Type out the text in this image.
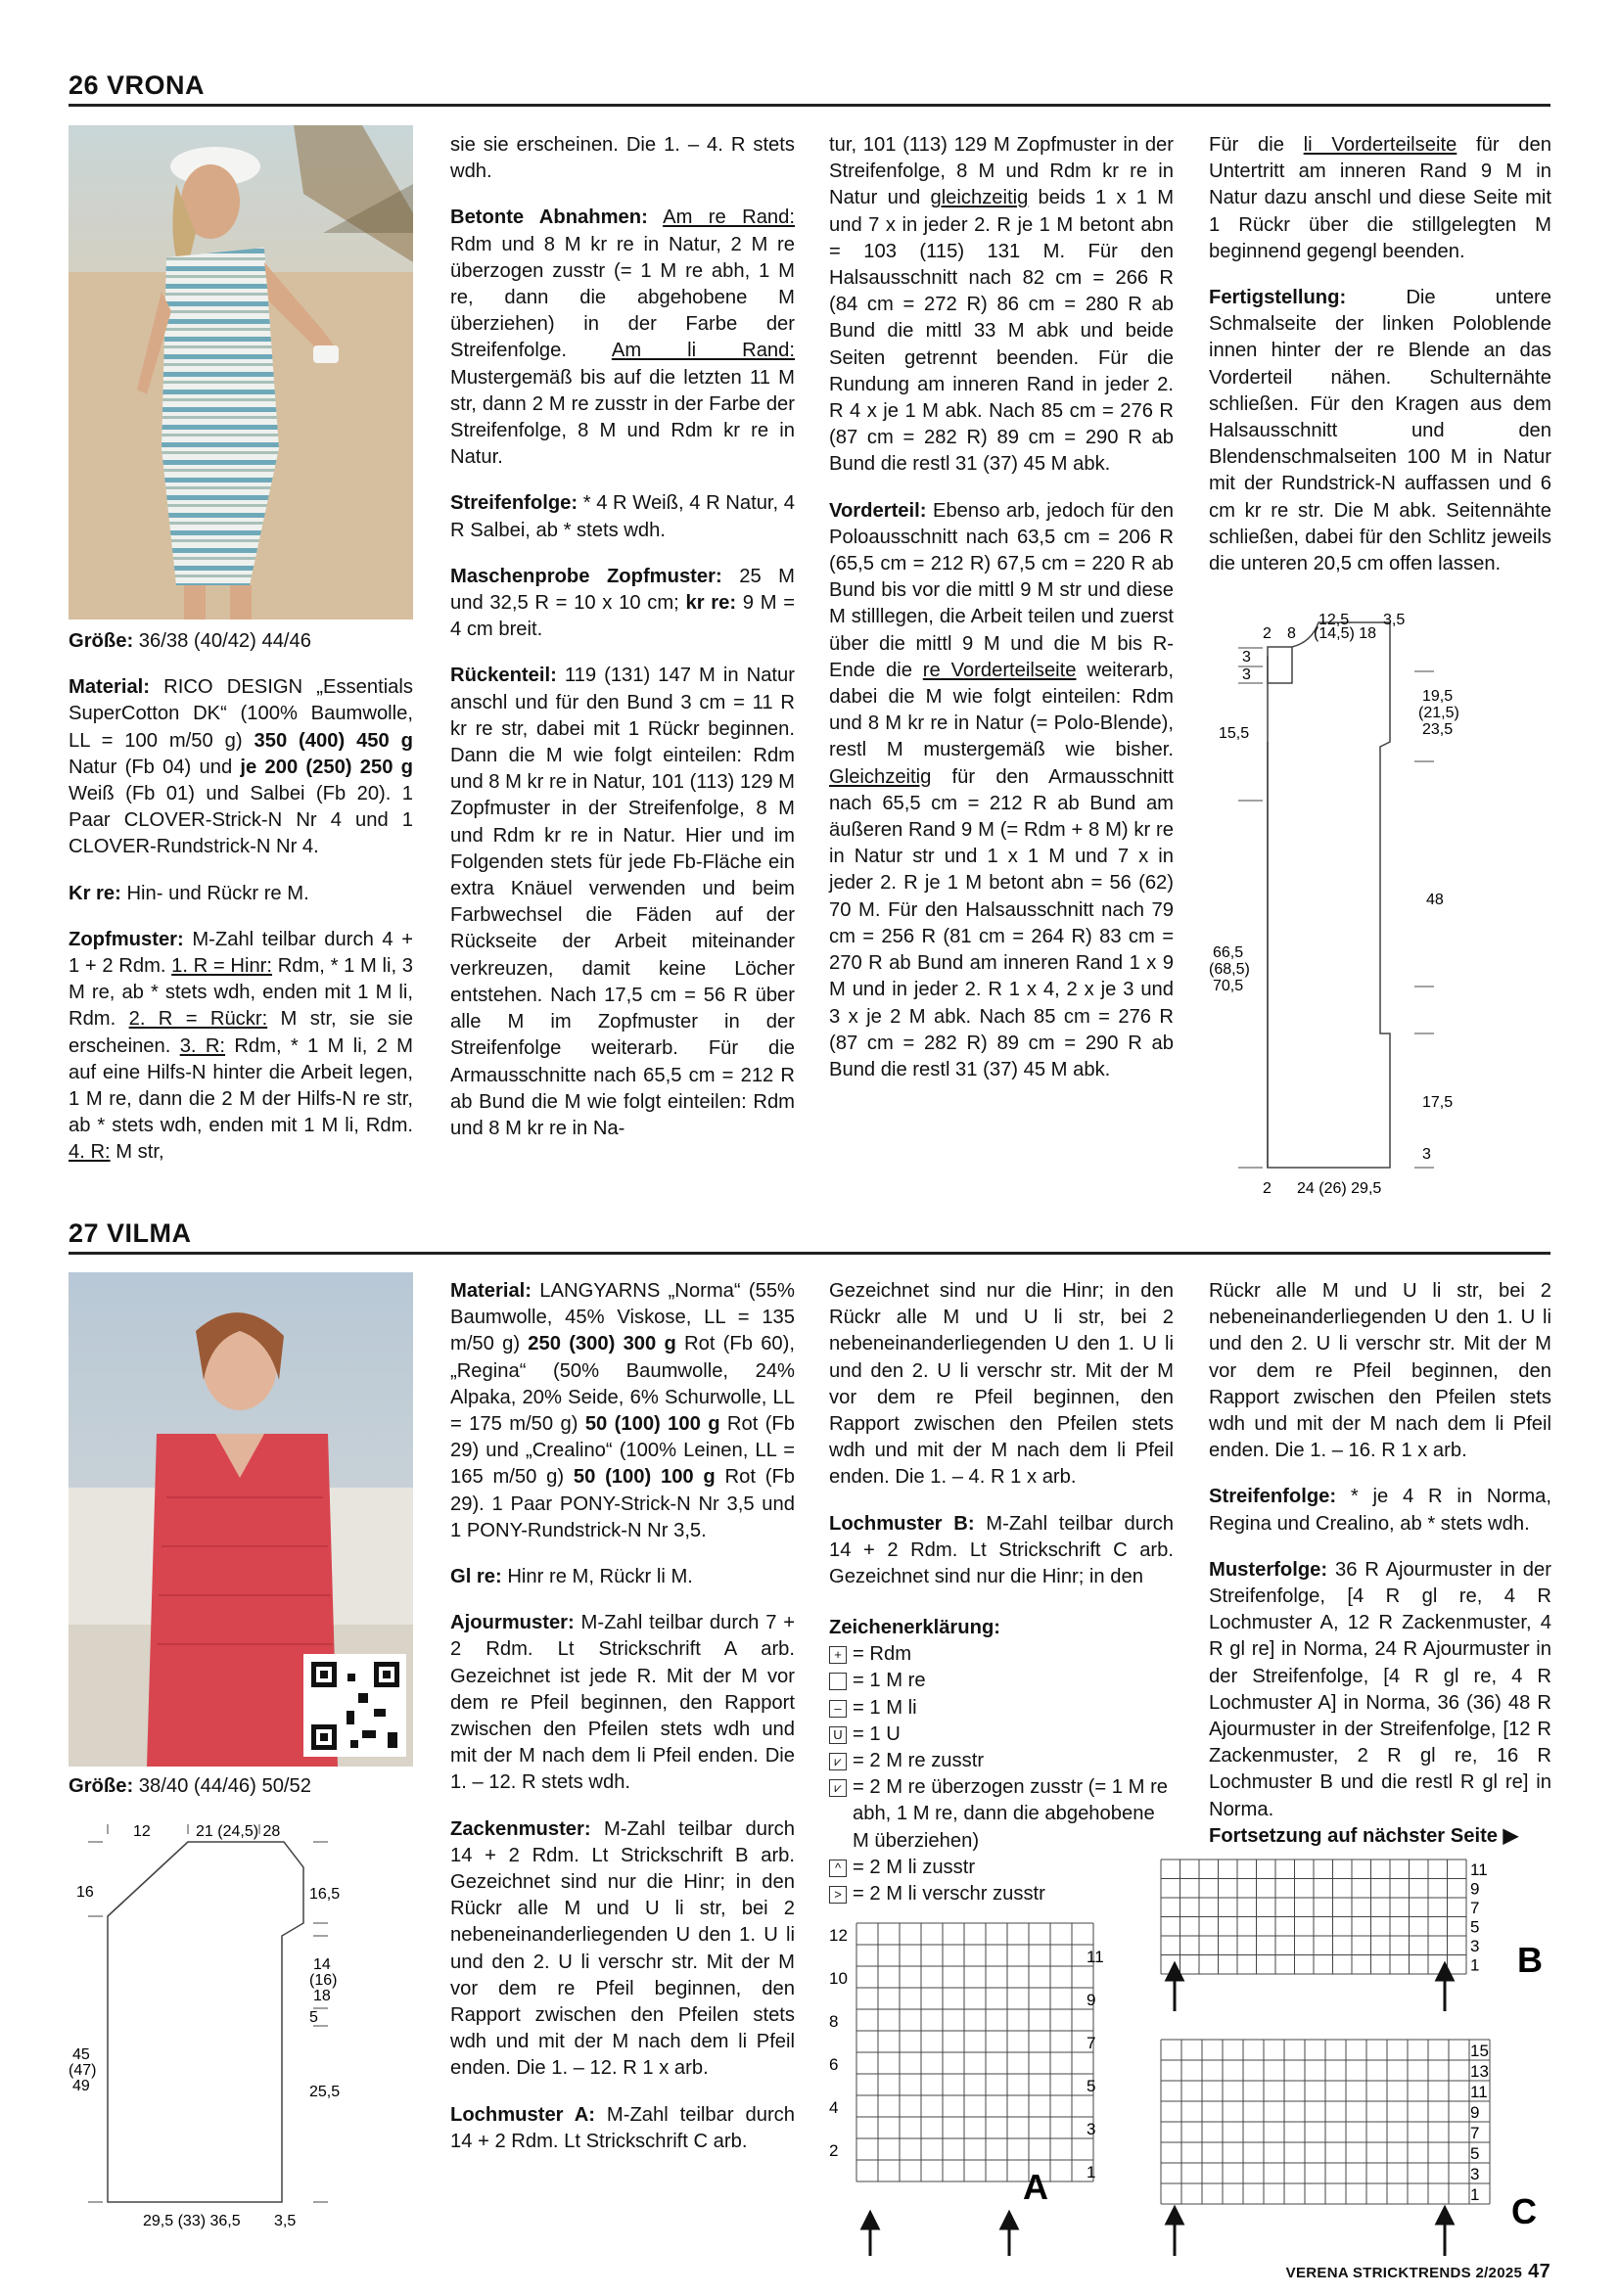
26 VRONA

Größe: 36/38 (40/42) 44/46

Material: RICO DESIGN „Essentials SuperCotton DK“ (100% Baumwolle, LL = 100 m/50 g) 350 (400) 450 g Natur (Fb 04) und je 200 (250) 250 g Weiß (Fb 01) und Salbei (Fb 20). 1 Paar CLOVER-Strick-N Nr 4 und 1 CLOVER-Rundstrick-N Nr 4.

Kr re: Hin- und Rückr re M.

Zopfmuster: M-Zahl teilbar durch 4 + 1 + 2 Rdm. 1. R = Hinr: Rdm, * 1 M li, 3 M re, ab * stets wdh, enden mit 1 M li, Rdm. 2. R = Rückr: M str, sie sie erscheinen. 3. R: Rdm, * 1 M li, 2 M auf eine Hilfs-N hinter die Arbeit legen, 1 M re, dann die 2 M der Hilfs-N re str, ab * stets wdh, enden mit 1 M li, Rdm. 4. R: M str,

sie sie erscheinen. Die 1. – 4. R stets wdh.

Betonte Abnahmen: Am re Rand: Rdm und 8 M kr re in Natur, 2 M re überzogen zusstr (= 1 M re abh, 1 M re, dann die abgehobene M überziehen) in der Farbe der Streifenfolge. Am li Rand: Mustergemäß bis auf die letzten 11 M str, dann 2 M re zusstr in der Farbe der Streifenfolge, 8 M und Rdm kr re in Natur.

Streifenfolge: * 4 R Weiß, 4 R Natur, 4 R Salbei, ab * stets wdh.

Maschenprobe Zopfmuster: 25 M und 32,5 R = 10 x 10 cm; kr re: 9 M = 4 cm breit.

Rückenteil: 119 (131) 147 M in Natur anschl und für den Bund 3 cm = 11 R kr re str, dabei mit 1 Rückr beginnen. Dann die M wie folgt einteilen: Rdm und 8 M kr re in Natur, 101 (113) 129 M Zopfmuster in der Streifenfolge, 8 M und Rdm kr re in Natur. Hier und im Folgenden stets für jede Fb-Fläche ein extra Knäuel verwenden und beim Farbwechsel die Fäden auf der Rückseite der Arbeit miteinander verkreuzen, damit keine Löcher entstehen. Nach 17,5 cm = 56 R über alle M im Zopfmuster in der Streifenfolge weiterarb. Für die Armausschnitte nach 65,5 cm = 212 R ab Bund die M wie folgt einteilen: Rdm und 8 M kr re in Na-

tur, 101 (113) 129 M Zopfmuster in der Streifenfolge, 8 M und Rdm kr re in Natur und gleichzeitig beids 1 x 1 M und 7 x in jeder 2. R je 1 M betont abn = 103 (115) 131 M. Für den Halsausschnitt nach 82 cm = 266 R (84 cm = 272 R) 86 cm = 280 R ab Bund die mittl 33 M abk und beide Seiten getrennt beenden. Für die Rundung am inneren Rand in jeder 2. R 4 x je 1 M abk. Nach 85 cm = 276 R (87 cm = 282 R) 89 cm = 290 R ab Bund die restl 31 (37) 45 M abk.

Vorderteil: Ebenso arb, jedoch für den Poloausschnitt nach 63,5 cm = 206 R (65,5 cm = 212 R) 67,5 cm = 220 R ab Bund bis vor die mittl 9 M str und diese M stilllegen, die Arbeit teilen und zuerst über die mittl 9 M und die M bis R-Ende die re Vorderteilseite weiterarb, dabei die M wie folgt einteilen: Rdm und 8 M kr re in Natur (= Polo-Blende), restl M mustergemäß wie bisher. Gleichzeitig für den Armausschnitt nach 65,5 cm = 212 R ab Bund am äußeren Rand 9 M (= Rdm + 8 M) kr re in Natur str und 1 x 1 M und 7 x in jeder 2. R je 1 M betont abn = 56 (62) 70 M. Für den Halsausschnitt nach 79 cm = 256 R (81 cm = 264 R) 83 cm = 270 R ab Bund am inneren Rand 1 x 9 M und in jeder 2. R 1 x 4, 2 x je 3 und 3 x je 2 M abk. Nach 85 cm = 276 R (87 cm = 282 R) 89 cm = 290 R ab Bund die restl 31 (37) 45 M abk.

Für die li Vorderteilseite für den Untertritt am inneren Rand 9 M in Natur dazu anschl und diese Seite mit 1 Rückr über die stillgelegten M beginnend gegengl beenden.

Fertigstellung: Die untere Schmalseite der linken Poloblende innen hinter der re Blende an das Vorderteil nähen. Schulternähte schließen. Für den Kragen aus dem Halsausschnitt und den Blendenschmalseiten 100 M in Natur mit der Rundstrick-N auffassen und 6 cm kr re str. Die M abk. Seitennähte schließen, dabei für den Schlitz jeweils die unteren 20,5 cm offen lassen.

2 8
12,5
(14,5) 18
3,5
3
3
15,5
19,5
(21,5)
23,5
48
66,5
(68,5)
70,5
17,5
3
2 24 (26) 29,5
27 VILMA

Größe: 38/40 (44/46) 50/52

12	21 (24,5) 28
16	16,5
14
(16)
18
5
45
(47)
49	25,5
29,5 (33) 36,5 3,5

Material: LANGYARNS „Norma“ (55% Baumwolle, 45% Viskose, LL = 135 m/50 g) 250 (300) 300 g Rot (Fb 60), „Regina“ (50% Baumwolle, 24% Alpaka, 20% Seide, 6% Schurwolle, LL = 175 m/50 g) 50 (100) 100 g Rot (Fb 29) und „Crealino“ (100% Leinen, LL = 165 m/50 g) 50 (100) 100 g Rot (Fb 29). 1 Paar PONY-Strick-N Nr 3,5 und 1 PONY-Rundstrick-N Nr 3,5.

Gl re: Hinr re M, Rückr li M.

Ajourmuster: M-Zahl teilbar durch 7 + 2 Rdm. Lt Strickschrift A arb. Gezeichnet ist jede R. Mit der M vor dem re Pfeil beginnen, den Rapport zwischen den Pfeilen stets wdh und mit der M nach dem li Pfeil enden. Die 1. – 12. R stets wdh.

Zackenmuster: M-Zahl teilbar durch 14 + 2 Rdm. Lt Strickschrift B arb. Gezeichnet sind nur die Hinr; in den Rückr alle M und U li str, bei 2 nebeneinanderliegenden U den 1. U li und den 2. U li verschr str. Mit der M vor dem re Pfeil beginnen, den Rapport zwischen den Pfeilen stets wdh und mit der M nach dem li Pfeil enden. Die 1. – 12. R 1 x arb.

Lochmuster A: M-Zahl teilbar durch 14 + 2 Rdm. Lt Strickschrift C arb.

Gezeichnet sind nur die Hinr; in den Rückr alle M und U li str, bei 2 nebeneinanderliegenden U den 1. U li und den 2. U li verschr str. Mit der M vor dem re Pfeil beginnen, den Rapport zwischen den Pfeilen stets wdh und mit der M nach dem li Pfeil enden. Die 1. – 4. R 1 x arb.

Lochmuster B: M-Zahl teilbar durch 14 + 2 Rdm. Lt Strickschrift C arb. Gezeichnet sind nur die Hinr; in den

Zeichenerklärung:
+ = Rdm
= 1 M re
– = 1 M li
U = 1 U
⩗ = 2 M re zusstr
⩗ = 2 M re überzogen zusstr (= 1 M re abh, 1 M re, dann die abgehobene M überziehen)
^ = 2 M li zusstr
> = 2 M li verschr zusstr

Rückr alle M und U li str, bei 2 nebeneinanderliegenden U den 1. U li und den 2. U li verschr str. Mit der M vor dem re Pfeil beginnen, den Rapport zwischen den Pfeilen stets wdh und mit der M nach dem li Pfeil enden. Die 1. – 16. R 1 x arb.

Streifenfolge: * je 4 R in Norma, Regina und Crealino, ab * stets wdh.

Musterfolge: 36 R Ajourmuster in der Streifenfolge, [4 R gl re, 4 R Lochmuster A, 12 R Zackenmuster, 4 R gl re] in Norma, 24 R Ajourmuster in der Streifenfolge, [4 R gl re, 4 R Lochmuster A] in Norma, 36 (36) 48 R Ajourmuster in der Streifenfolge, [12 R Zackenmuster, 2 R gl re, 16 R Lochmuster B und die restl R gl re] in Norma.

Fortsetzung auf nächster Seite ▶
12
10
8
6
4
2
11
9
7
5
3
1
A
11
9
7
5
3
1 B
15
13
11
9
7
5
3
1 C
VERENA STRICKTRENDS 2/2025 47
